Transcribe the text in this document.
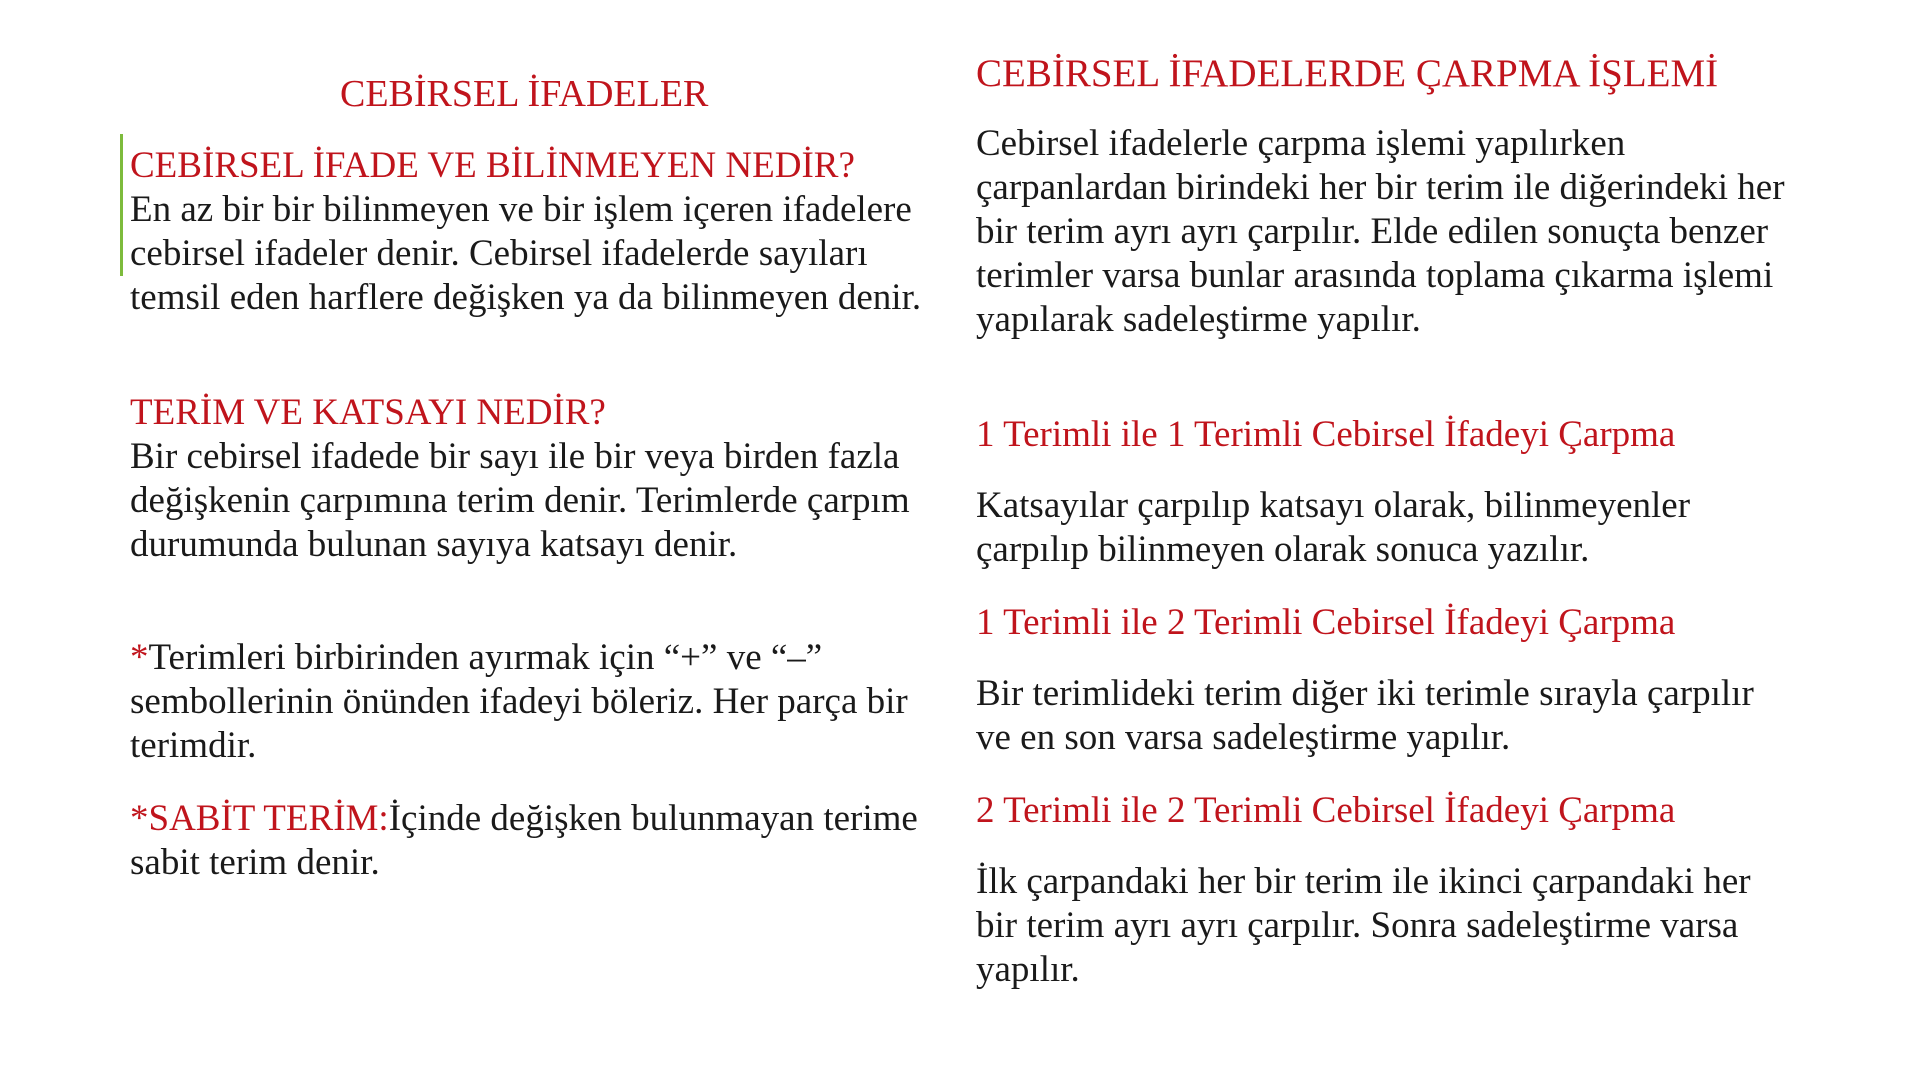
CEBİRSEL İFADELER

CEBİRSEL İFADE VE BİLİNMEYEN NEDİR?

En az bir bir bilinmeyen ve bir işlem içeren ifadelere cebirsel ifadeler denir. Cebirsel ifadelerde sayıları temsil eden harflere değişken ya da bilinmeyen denir.

TERİM VE KATSAYI NEDİR?

Bir cebirsel ifadede bir sayı ile bir veya birden fazla değişkenin çarpımına terim denir. Terimlerde çarpım durumunda bulunan sayıya katsayı denir.

*Terimleri birbirinden ayırmak için “+” ve “–” sembollerinin önünden ifadeyi böleriz. Her parça bir terimdir.

*SABİT TERİM:İçinde değişken bulunmayan terime sabit terim denir.

CEBİRSEL İFADELERDE ÇARPMA İŞLEMİ

Cebirsel ifadelerle çarpma işlemi yapılırken çarpanlardan birindeki her bir terim ile diğerindeki her bir terim ayrı ayrı çarpılır. Elde edilen sonuçta benzer terimler varsa bunlar arasında toplama çıkarma işlemi yapılarak sadeleştirme yapılır.

1 Terimli ile 1 Terimli Cebirsel İfadeyi Çarpma

Katsayılar çarpılıp katsayı olarak, bilinmeyenler çarpılıp bilinmeyen olarak sonuca yazılır.

1 Terimli ile 2 Terimli Cebirsel İfadeyi Çarpma

Bir terimlideki terim diğer iki terimle sırayla çarpılır ve en son varsa sadeleştirme yapılır.

2 Terimli ile 2 Terimli Cebirsel İfadeyi Çarpma

İlk çarpandaki her bir terim ile ikinci çarpandaki her bir terim ayrı ayrı çarpılır. Sonra sadeleştirme varsa yapılır.
